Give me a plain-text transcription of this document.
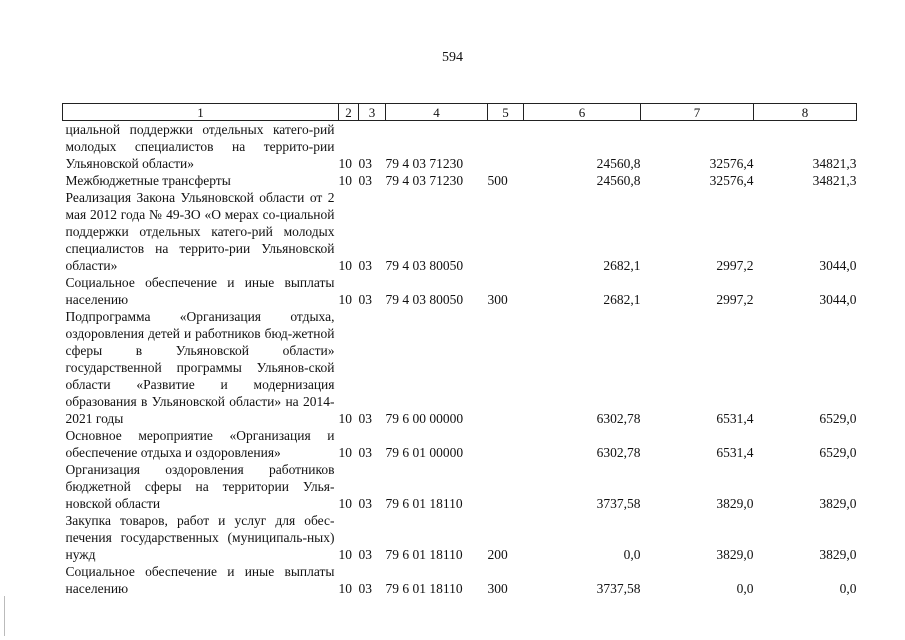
594
1	2	3	4	5	6	7	8
циальной поддержки отдельных катего-рий молодых специалистов на террито-рии Ульяновской области»	10	03	79 4 03 71230		24560,8	32576,4	34821,3
Межбюджетные трансферты	10	03	79 4 03 71230	500	24560,8	32576,4	34821,3
Реализация Закона Ульяновской области от 2 мая 2012 года № 49-ЗО «О мерах со-циальной поддержки отдельных катего-рий молодых специалистов на террито-рии Ульяновской области»	10	03	79 4 03 80050		2682,1	2997,2	3044,0
Социальное обеспечение и иные выплаты населению	10	03	79 4 03 80050	300	2682,1	2997,2	3044,0
Подпрограмма «Организация отдыха, оздоровления детей и работников бюд-жетной сферы в Ульяновской области» государственной программы Ульянов-ской области «Развитие и модернизация образования в Ульяновской области» на 2014-2021 годы	10	03	79 6 00 00000		6302,78	6531,4	6529,0
Основное мероприятие «Организация и обеспечение отдыха и оздоровления»	10	03	79 6 01 00000		6302,78	6531,4	6529,0
Организация оздоровления работников бюджетной сферы на территории Улья-новской области	10	03	79 6 01 18110		3737,58	3829,0	3829,0
Закупка товаров, работ и услуг для обес-печения государственных (муниципаль-ных) нужд	10	03	79 6 01 18110	200	0,0	3829,0	3829,0
Социальное обеспечение и иные выплаты населению	10	03	79 6 01 18110	300	3737,58	0,0	0,0
